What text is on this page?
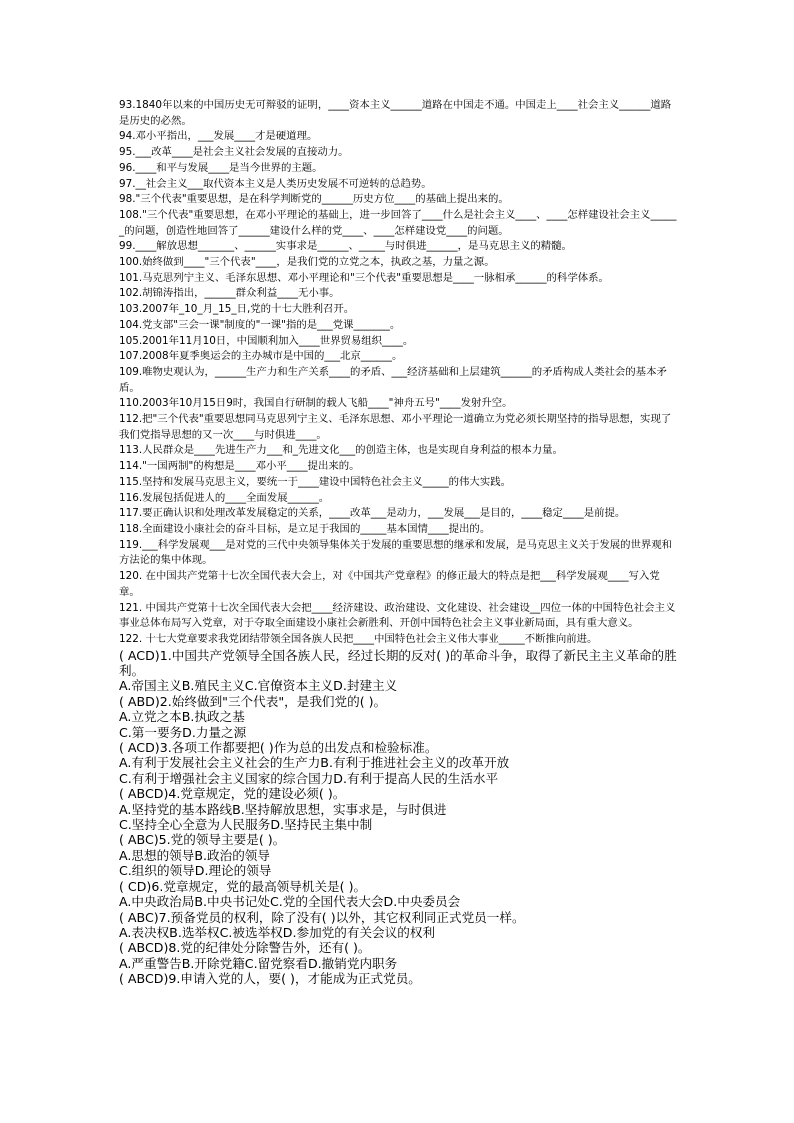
93.1840年以来的中国历史无可辩驳的证明，____资本主义______道路在中国走不通。中国走上____社会主义______道路是历史的必然。

94.邓小平指出，___发展____才是硬道理。

95.___改革____是社会主义社会发展的直接动力。

96.____和平与发展____是当今世界的主题。

97.__社会主义___取代资本主义是人类历史发展不可逆转的总趋势。

98."三个代表"重要思想，是在科学判断党的______历史方位____的基础上提出来的。

108."三个代表"重要思想，在邓小平理论的基础上，进一步回答了____什么是社会主义____、____怎样建设社会主义______的问题，创造性地回答了______建设什么样的党____、____怎样建设党____的问题。

99.____解放思想_______、______实事求是______、_____与时俱进______，是马克思主义的精髓。

100.始终做到____"三个代表"____，是我们党的立党之本，执政之基，力量之源。

101.马克思列宁主义、毛泽东思想、邓小平理论和"三个代表"重要思想是____一脉相承______的科学体系。

102.胡锦涛指出，______群众利益____无小事。

103.2007年_10_月_15_日,党的十七大胜利召开。

104.党支部"三会一课"制度的"一课"指的是___党课_______。

105.2001年11月10日，中国顺利加入____世界贸易组织____。

107.2008年夏季奥运会的主办城市是中国的___北京______。

109.唯物史观认为，______生产力和生产关系____的矛盾、___经济基础和上层建筑______的矛盾构成人类社会的基本矛盾。

110.2003年10月15日9时，我国自行研制的载人飞船____"神舟五号"____发射升空。

112.把"三个代表"重要思想同马克思列宁主义、毛泽东思想、邓小平理论一道确立为党必须长期坚持的指导思想，实现了我们党指导思想的又一次____与时俱进____。

113.人民群众是____先进生产力___和_先进文化___的创造主体，也是实现自身利益的根本力量。

114."一国两制"的构想是____邓小平____提出来的。

115.坚持和发展马克思主义，要统一于____建设中国特色社会主义_____的伟大实践。

116.发展包括促进人的____全面发展______。

117.要正确认识和处理改革发展稳定的关系，____改革___是动力，___发展___是目的，____稳定____是前提。

118.全面建设小康社会的奋斗目标，是立足于我国的_____基本国情____提出的。

119.___科学发展观___是对党的三代中央领导集体关于发展的重要思想的继承和发展，是马克思主义关于发展的世界观和方法论的集中体现。

120. 在中国共产党第十七次全国代表大会上，对《中国共产党章程》的修正最大的特点是把___科学发展观____写入党章。

121. 中国共产党第十七次全国代表大会把____经济建设、政治建设、文化建设、社会建设__四位一体的中国特色社会主义事业总体布局写入党章，对于夺取全面建设小康社会新胜利、开创中国特色社会主义事业新局面，具有重大意义。

122. 十七大党章要求我党团结带领全国各族人民把____中国特色社会主义伟大事业_____不断推向前进。

( ACD)1.中国共产党领导全国各族人民，经过长期的反对( )的革命斗争，取得了新民主主义革命的胜利。

A.帝国主义B.殖民主义C.官僚资本主义D.封建主义

( ABD)2.始终做到"三个代表"，是我们党的( )。

A.立党之本B.执政之基

C.第一要务D.力量之源

( ACD)3.各项工作都要把( )作为总的出发点和检验标准。

A.有利于发展社会主义社会的生产力B.有利于推进社会主义的改革开放

C.有利于增强社会主义国家的综合国力D.有利于提高人民的生活水平

( ABCD)4.党章规定，党的建设必须( )。

A.坚持党的基本路线B.坚持解放思想，实事求是，与时俱进

C.坚持全心全意为人民服务D.坚持民主集中制

( ABC)5.党的领导主要是( )。

A.思想的领导B.政治的领导

C.组织的领导D.理论的领导

( CD)6.党章规定，党的最高领导机关是( )。

A.中央政治局B.中央书记处C.党的全国代表大会D.中央委员会

( ABC)7.预备党员的权利，除了没有( )以外，其它权利同正式党员一样。

A.表决权B.选举权C.被选举权D.参加党的有关会议的权利

( ABCD)8.党的纪律处分除警告外，还有( )。

A.严重警告B.开除党籍C.留党察看D.撤销党内职务

( ABCD)9.申请入党的人，要( )，才能成为正式党员。
